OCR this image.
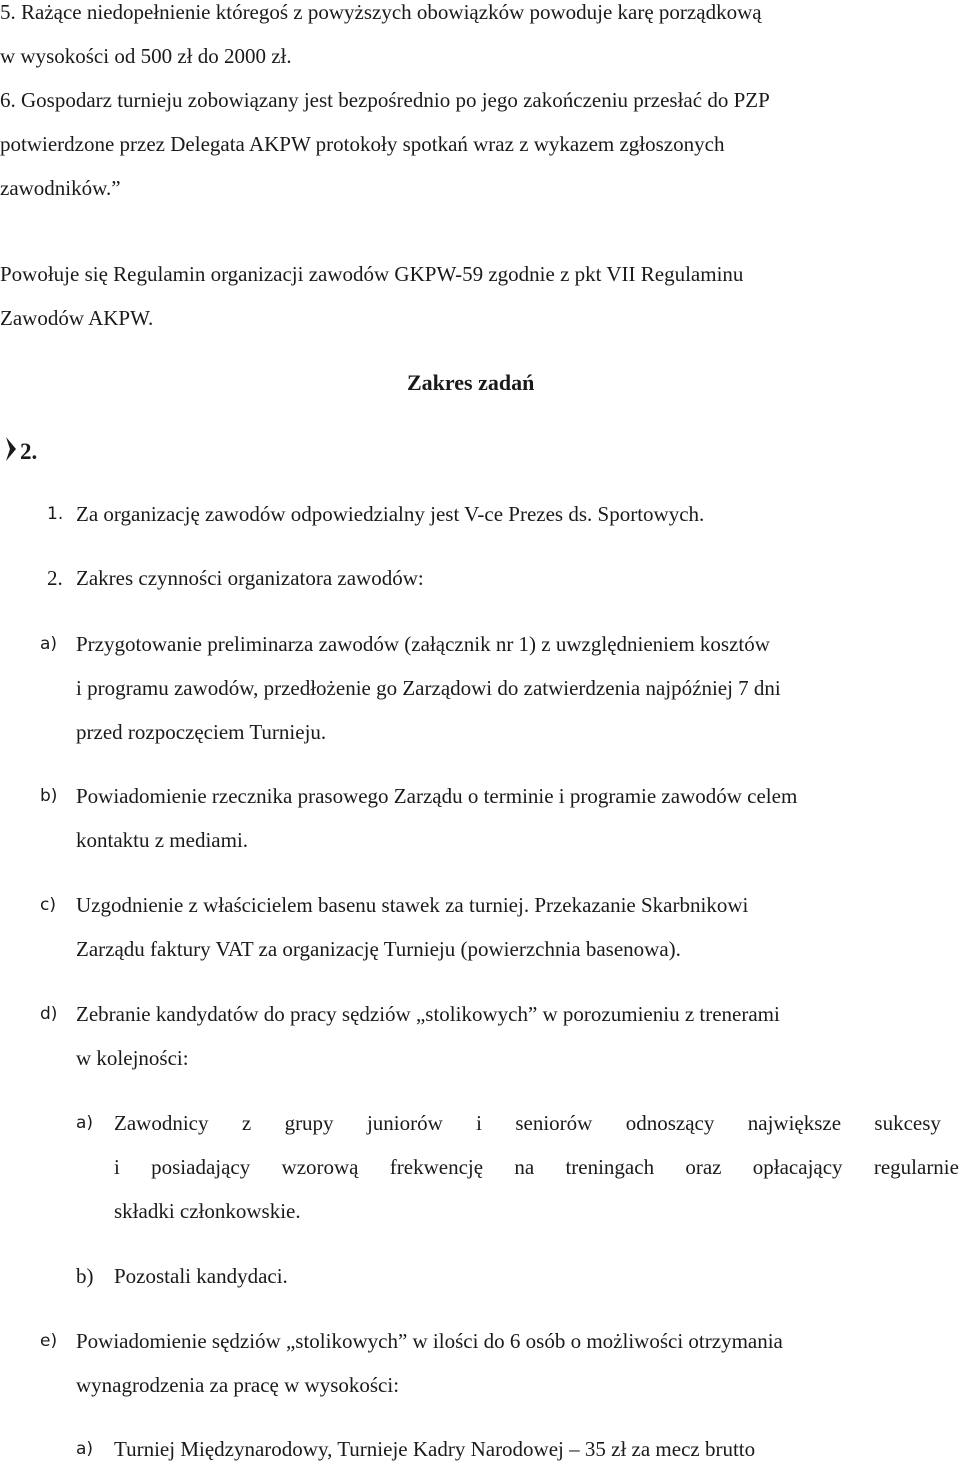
5. Rażące niedopełnienie któregoś z powyższych obowiązków powoduje karę porządkową
w wysokości od 500 zł do 2000 zł.
6. Gospodarz turnieju zobowiązany jest bezpośrednio po jego zakończeniu przesłać do PZP
potwierdzone przez Delegata AKPW protokoły spotkań wraz z wykazem zgłoszonych
zawodników.”
Powołuje się Regulamin organizacji zawodów GKPW-59 zgodnie z pkt VII Regulaminu
Zawodów AKPW.
Zakres zadań
2.
1. Za organizację zawodów odpowiedzialny jest V-ce Prezes ds. Sportowych.
2. Zakres czynności organizatora zawodów:
a) Przygotowanie preliminarza zawodów (załącznik nr 1) z uwzględnieniem kosztów
i programu zawodów, przedłożenie go Zarządowi do zatwierdzenia najpóźniej 7 dni
przed rozpoczęciem Turnieju.
b) Powiadomienie rzecznika prasowego Zarządu o terminie i programie zawodów celem
kontaktu z mediami.
c) Uzgodnienie z właścicielem basenu stawek za turniej. Przekazanie Skarbnikowi
Zarządu faktury VAT za organizację Turnieju (powierzchnia basenowa).
d) Zebranie kandydatów do pracy sędziów „stolikowych” w porozumieniu z trenerami
w kolejności:
a) Zawodnicy z grupy juniorów i seniorów odnoszący największe sukcesy
i posiadający wzorową frekwencję na treningach oraz opłacający regularnie
składki członkowskie.
b) Pozostali kandydaci.
e) Powiadomienie sędziów „stolikowych” w ilości do 6 osób o możliwości otrzymania
wynagrodzenia za pracę w wysokości:
a) Turniej Międzynarodowy, Turnieje Kadry Narodowej – 35 zł za mecz brutto
